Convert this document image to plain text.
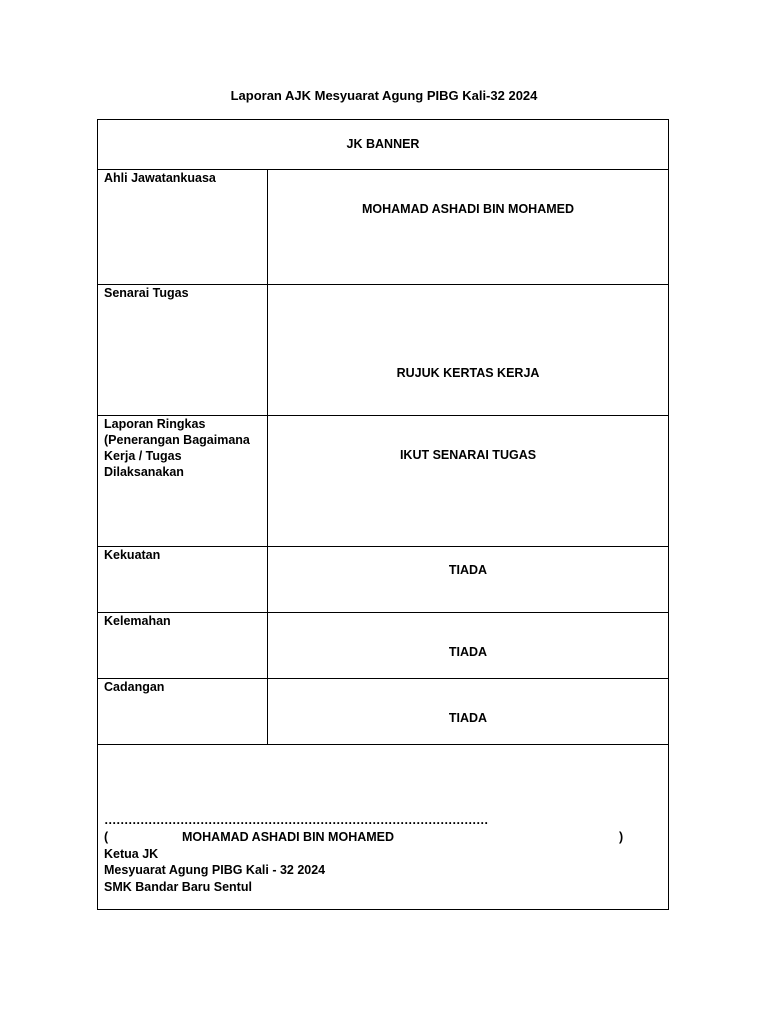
Laporan AJK Mesyuarat Agung PIBG Kali-32 2024
JK BANNER
Ahli Jawatankuasa
MOHAMAD ASHADI BIN MOHAMED
Senarai Tugas
RUJUK KERTAS KERJA
Laporan Ringkas (Penerangan Bagaimana Kerja / Tugas Dilaksanakan
IKUT SENARAI TUGAS
Kekuatan
TIADA
Kelemahan
TIADA
Cadangan
TIADA
……………………………………………………………………………………
(	MOHAMAD ASHADI BIN MOHAMED	)
Ketua JK
Mesyuarat Agung PIBG Kali - 32 2024
SMK Bandar Baru Sentul
